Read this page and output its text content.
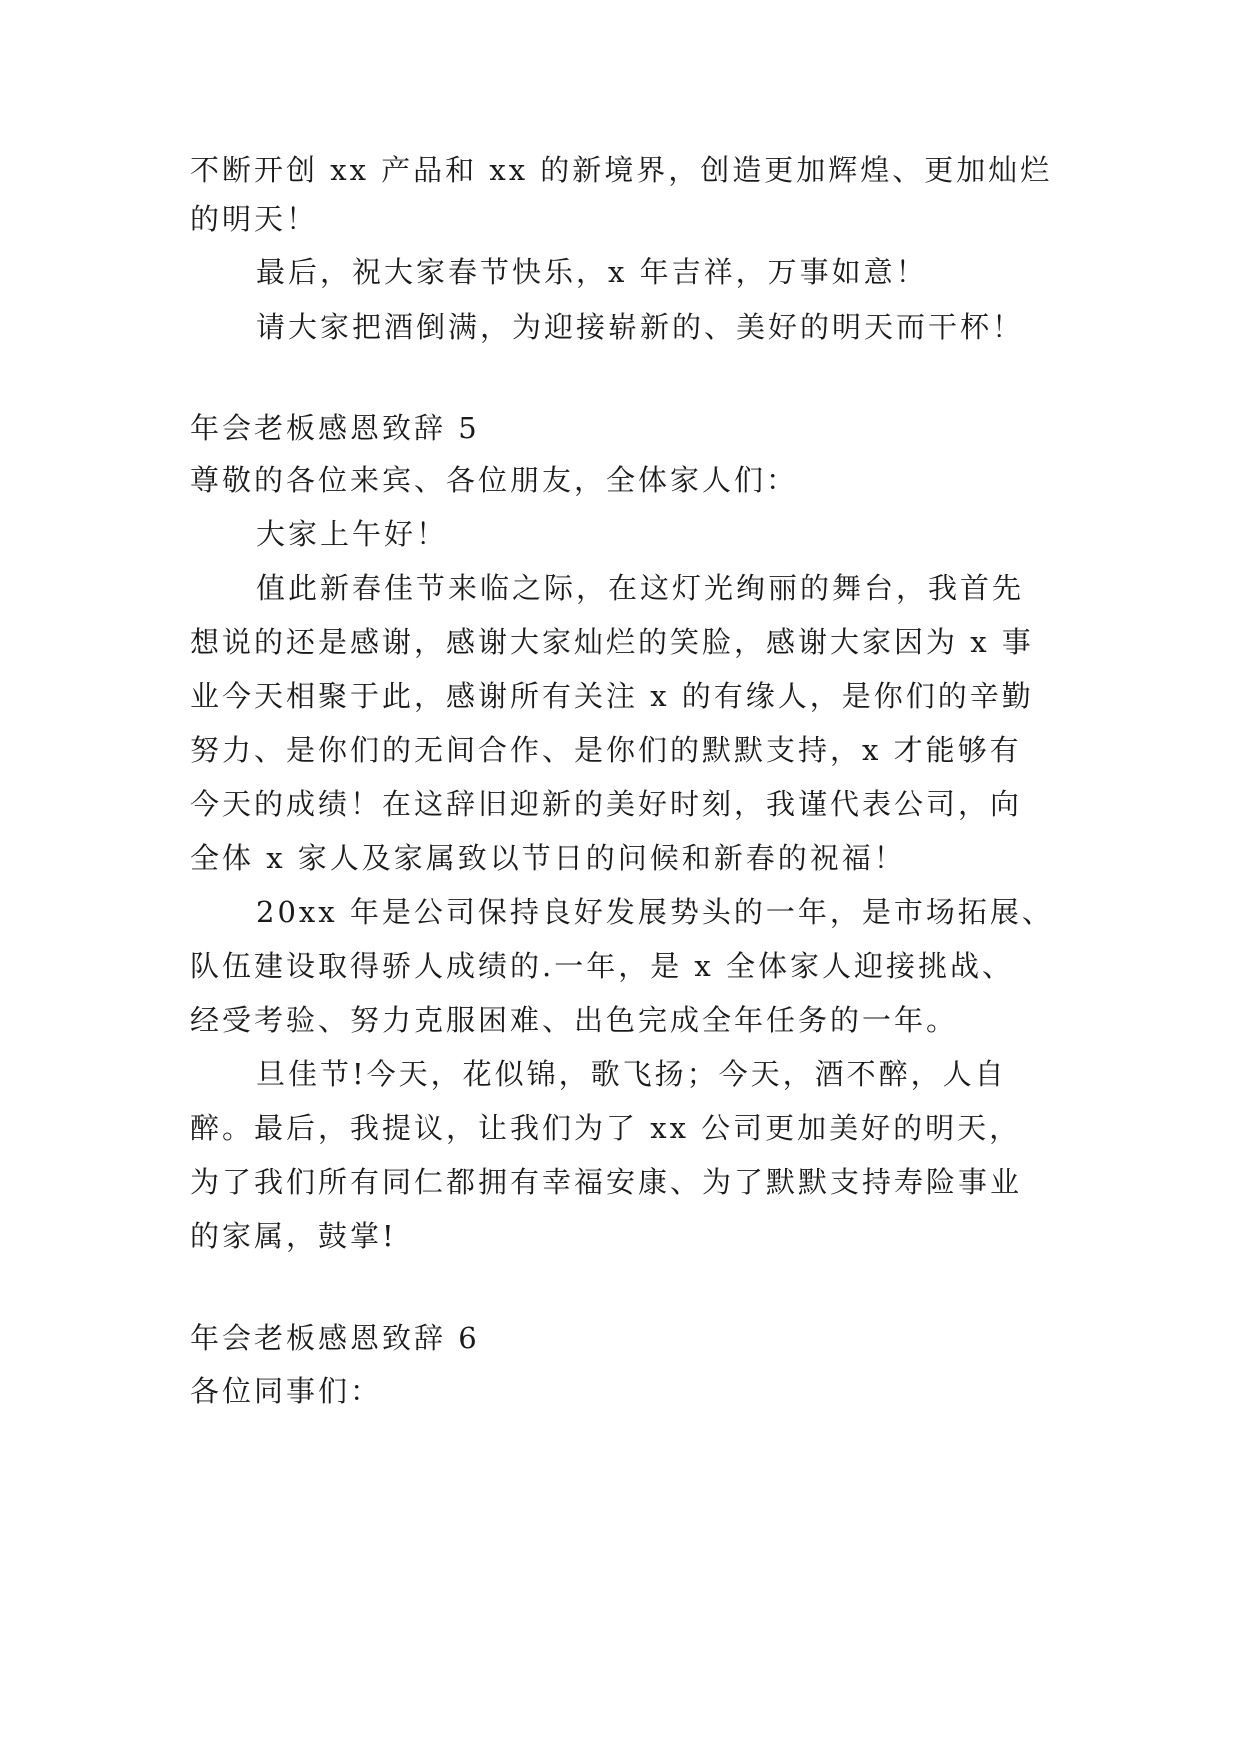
不断开创 xx 产品和 xx 的新境界，创造更加辉煌、更加灿烂
的明天！
最后，祝大家春节快乐，x 年吉祥，万事如意！
请大家把酒倒满，为迎接崭新的、美好的明天而干杯！
年会老板感恩致辞 5
尊敬的各位来宾、各位朋友，全体家人们：
大家上午好！
值此新春佳节来临之际，在这灯光绚丽的舞台，我首先
想说的还是感谢，感谢大家灿烂的笑脸，感谢大家因为 x 事
业今天相聚于此，感谢所有关注 x 的有缘人，是你们的辛勤
努力、是你们的无间合作、是你们的默默支持，x 才能够有
今天的成绩！在这辞旧迎新的美好时刻，我谨代表公司，向
全体 x 家人及家属致以节日的问候和新春的祝福！
20xx 年是公司保持良好发展势头的一年，是市场拓展、
队伍建设取得骄人成绩的.一年，是 x 全体家人迎接挑战、
经受考验、努力克服困难、出色完成全年任务的一年。
旦佳节!今天，花似锦，歌飞扬；今天，酒不醉，人自
醉。最后，我提议，让我们为了 xx 公司更加美好的明天，
为了我们所有同仁都拥有幸福安康、为了默默支持寿险事业
的家属，鼓掌!
年会老板感恩致辞 6
各位同事们：
